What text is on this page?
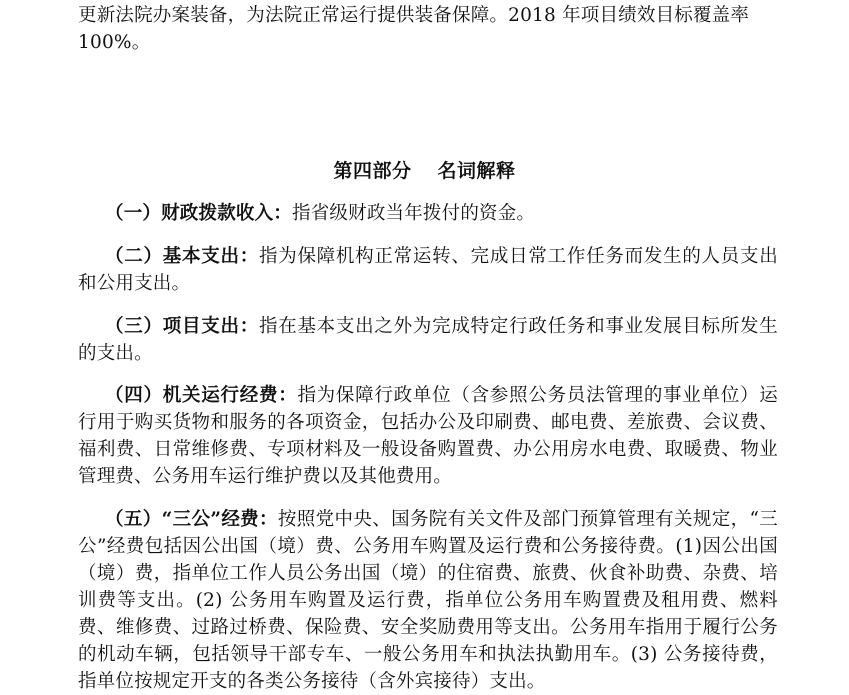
更新法院办案装备，为法院正常运行提供装备保障。2018 年项目绩效目标覆盖率
100%。
第四部分 名词解释

（一）财政拨款收入：指省级财政当年拨付的资金。

（二）基本支出：指为保障机构正常运转、完成日常工作任务而发生的人员支出和公用支出。

（三）项目支出：指在基本支出之外为完成特定行政任务和事业发展目标所发生的支出。

（四）机关运行经费：指为保障行政单位（含参照公务员法管理的事业单位）运行用于购买货物和服务的各项资金，包括办公及印刷费、邮电费、差旅费、会议费、福利费、日常维修费、专项材料及一般设备购置费、办公用房水电费、取暖费、物业管理费、公务用车运行维护费以及其他费用。

（五）“三公”经费：按照党中央、国务院有关文件及部门预算管理有关规定，“三公”经费包括因公出国（境）费、公务用车购置及运行费和公务接待费。(1)因公出国（境）费，指单位工作人员公务出国（境）的住宿费、旅费、伙食补助费、杂费、培训费等支出。(2) 公务用车购置及运行费，指单位公务用车购置费及租用费、燃料费、维修费、过路过桥费、保险费、安全奖励费用等支出。公务用车指用于履行公务的机动车辆，包括领导干部专车、一般公务用车和执法执勤用车。(3) 公务接待费，指单位按规定开支的各类公务接待（含外宾接待）支出。
